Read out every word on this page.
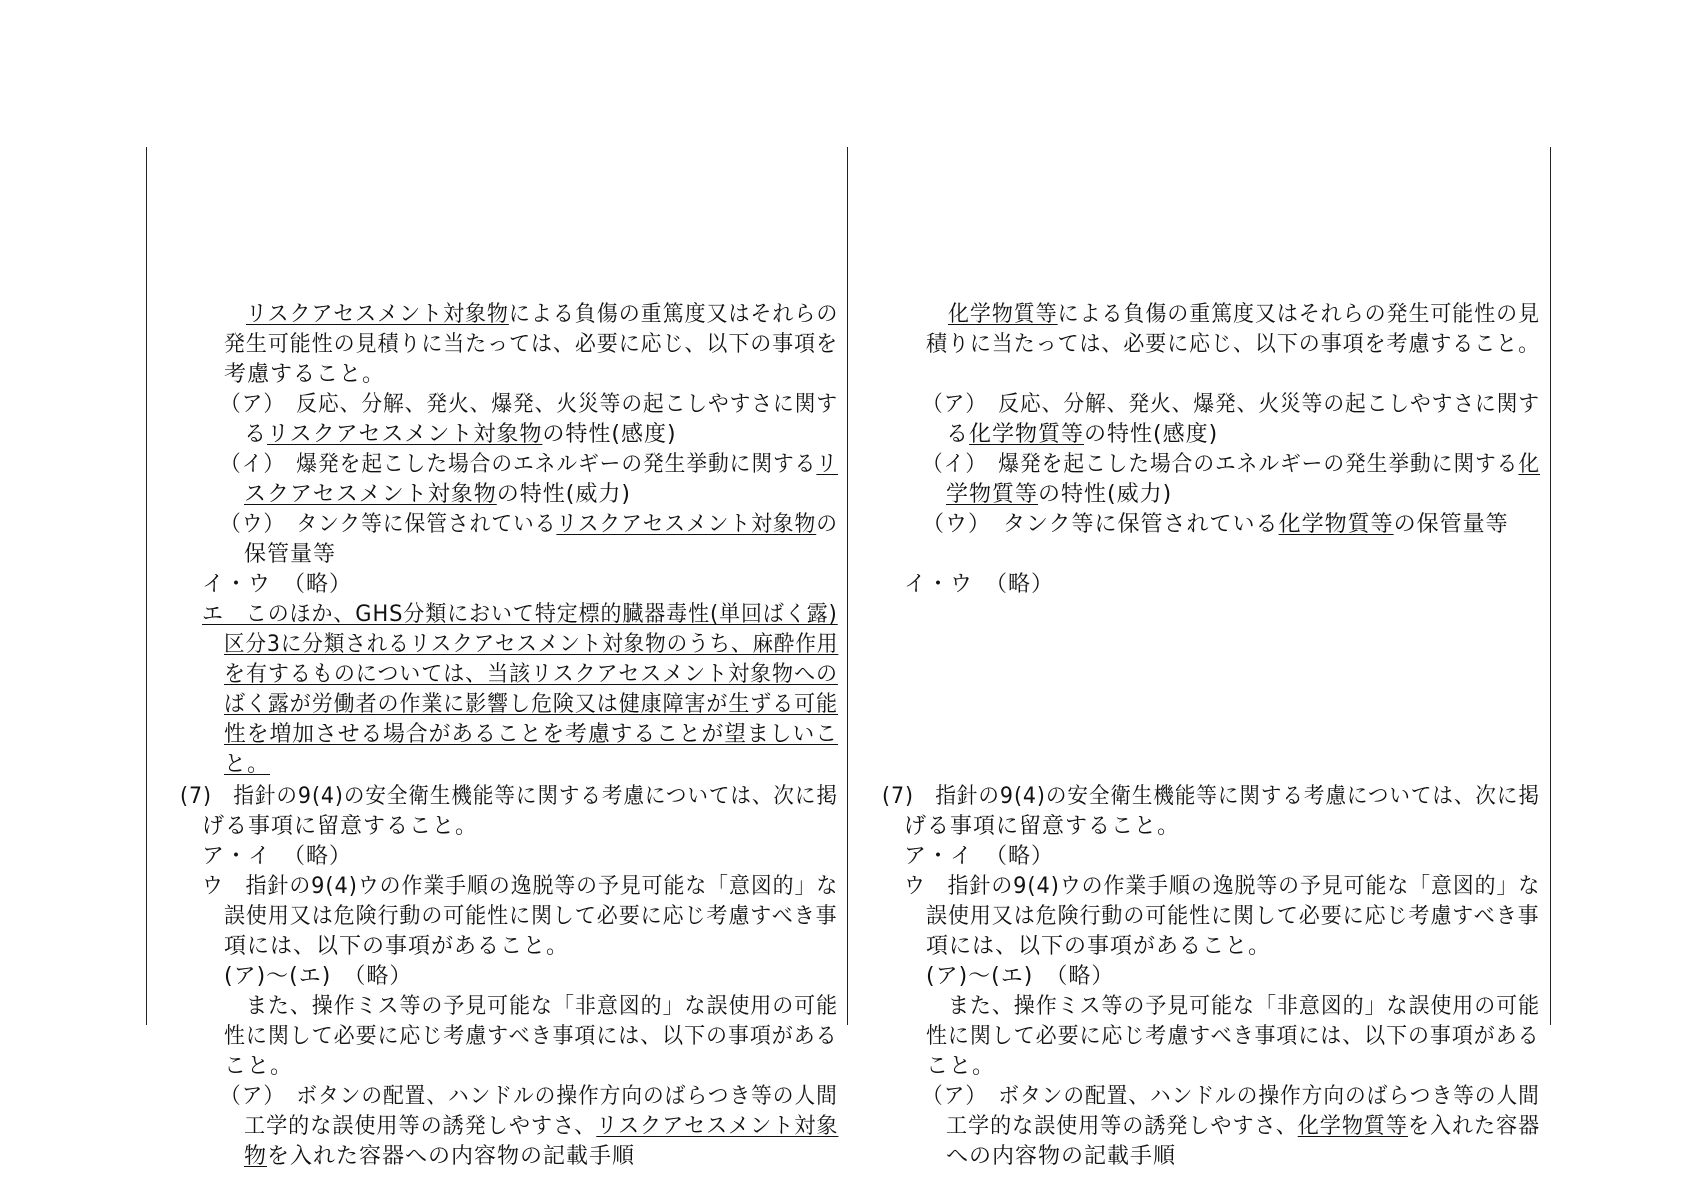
リスクアセスメント対象物による負傷の重篤度又はそれらの
発生可能性の見積りに当たっては、必要に応じ、以下の事項を
考慮すること。
（ア）　反応、分解、発火、爆発、火災等の起こしやすさに関す
るリスクアセスメント対象物の特性(感度)
（イ）　爆発を起こした場合のエネルギーの発生挙動に関するリ
スクアセスメント対象物の特性(威力)
（ウ）　タンク等に保管されているリスクアセスメント対象物の
保管量等
イ・ウ　（略）
エ　このほか、GHS分類において特定標的臓器毒性(単回ばく露)
区分3に分類されるリスクアセスメント対象物のうち、麻酔作用
を有するものについては、当該リスクアセスメント対象物への
ばく露が労働者の作業に影響し危険又は健康障害が生ずる可能
性を増加させる場合があることを考慮することが望ましいこ
と。
(7)　指針の9(4)の安全衛生機能等に関する考慮については、次に掲
げる事項に留意すること。
ア・イ　（略）
ウ　指針の9(4)ウの作業手順の逸脱等の予見可能な「意図的」な
誤使用又は危険行動の可能性に関して必要に応じ考慮すべき事
項には、以下の事項があること。
(ア)～(エ)　（略）
また、操作ミス等の予見可能な「非意図的」な誤使用の可能
性に関して必要に応じ考慮すべき事項には、以下の事項がある
こと。
（ア）　ボタンの配置、ハンドルの操作方向のばらつき等の人間
工学的な誤使用等の誘発しやすさ、リスクアセスメント対象
物を入れた容器への内容物の記載手順
化学物質等による負傷の重篤度又はそれらの発生可能性の見
積りに当たっては、必要に応じ、以下の事項を考慮すること。
（ア）　反応、分解、発火、爆発、火災等の起こしやすさに関す
る化学物質等の特性(感度)
（イ）　爆発を起こした場合のエネルギーの発生挙動に関する化
学物質等の特性(威力)
（ウ）　タンク等に保管されている化学物質等の保管量等
イ・ウ　（略）
(7)　指針の9(4)の安全衛生機能等に関する考慮については、次に掲
げる事項に留意すること。
ア・イ　（略）
ウ　指針の9(4)ウの作業手順の逸脱等の予見可能な「意図的」な
誤使用又は危険行動の可能性に関して必要に応じ考慮すべき事
項には、以下の事項があること。
(ア)～(エ)　（略）
また、操作ミス等の予見可能な「非意図的」な誤使用の可能
性に関して必要に応じ考慮すべき事項には、以下の事項がある
こと。
（ア）　ボタンの配置、ハンドルの操作方向のばらつき等の人間
工学的な誤使用等の誘発しやすさ、化学物質等を入れた容器
への内容物の記載手順
